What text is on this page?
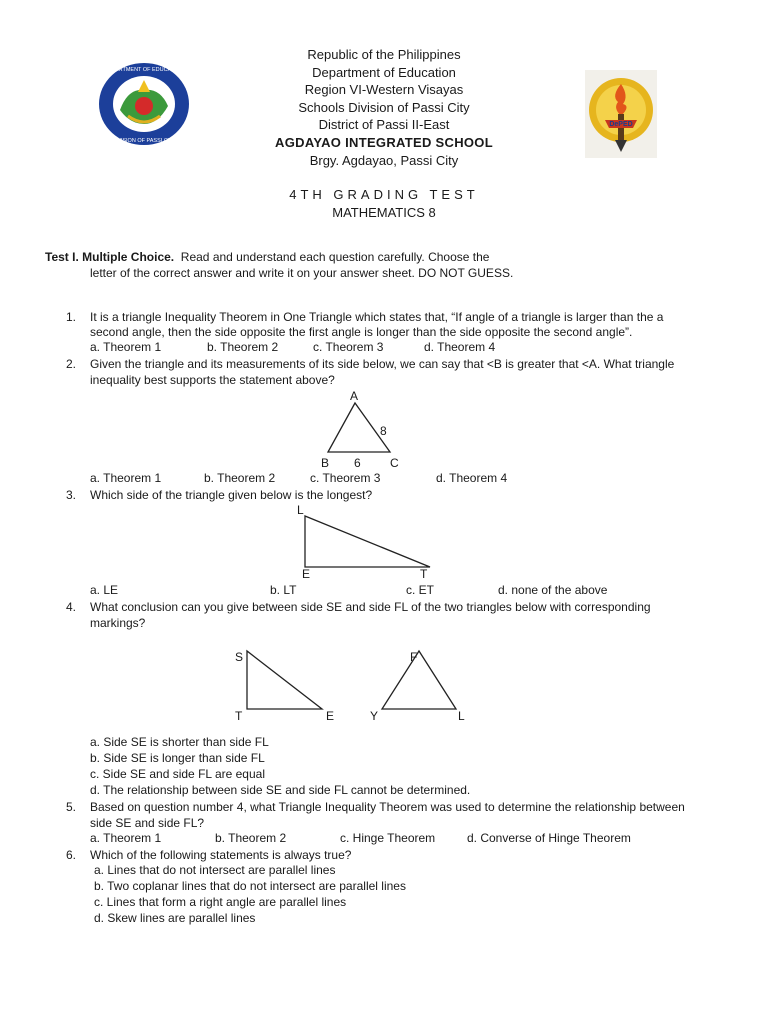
DEPARTMENT OF EDUCATION
DIVISION OF PASSI CITY
DePED
Republic of the Philippines
Department of Education
Region VI-Western Visayas
Schools Division of Passi City
District of Passi II-East
AGDAYAO INTEGRATED SCHOOL
Brgy. Agdayao, Passi City
4TH GRADING TEST
MATHEMATICS 8
Test I. Multiple Choice. Read and understand each question carefully. Choose the
letter of the correct answer and write it on your answer sheet. DO NOT GUESS.
1. It is a triangle Inequality Theorem in One Triangle which states that, “If angle of a triangle is larger than the a
second angle, then the side opposite the first angle is longer than the side opposite the second angle”.
a. Theorem 1	b. Theorem 2	c. Theorem 3	d. Theorem 4
2. Given the triangle and its measurements of its side below, we can say that <B is greater that <A. What triangle
inequality best supports the statement above?
A
8
B 6 C
a. Theorem 1	b. Theorem 2	c. Theorem 3	d. Theorem 4
3. Which side of the triangle given below is the longest?
L
E	T
a. LE	b. LT	c. ET	d. none of the above
4. What conclusion can you give between side SE and side FL of the two triangles below with corresponding
markings?
S
T	E
F
Y	L
a. Side SE is shorter than side FL
b. Side SE is longer than side FL
c. Side SE and side FL are equal
d. The relationship between side SE and side FL cannot be determined.
5. Based on question number 4, what Triangle Inequality Theorem was used to determine the relationship between
side SE and side FL?
a. Theorem 1	b. Theorem 2	c. Hinge Theorem	d. Converse of Hinge Theorem
6. Which of the following statements is always true?
a. Lines that do not intersect are parallel lines
b. Two coplanar lines that do not intersect are parallel lines
c. Lines that form a right angle are parallel lines
d. Skew lines are parallel lines
